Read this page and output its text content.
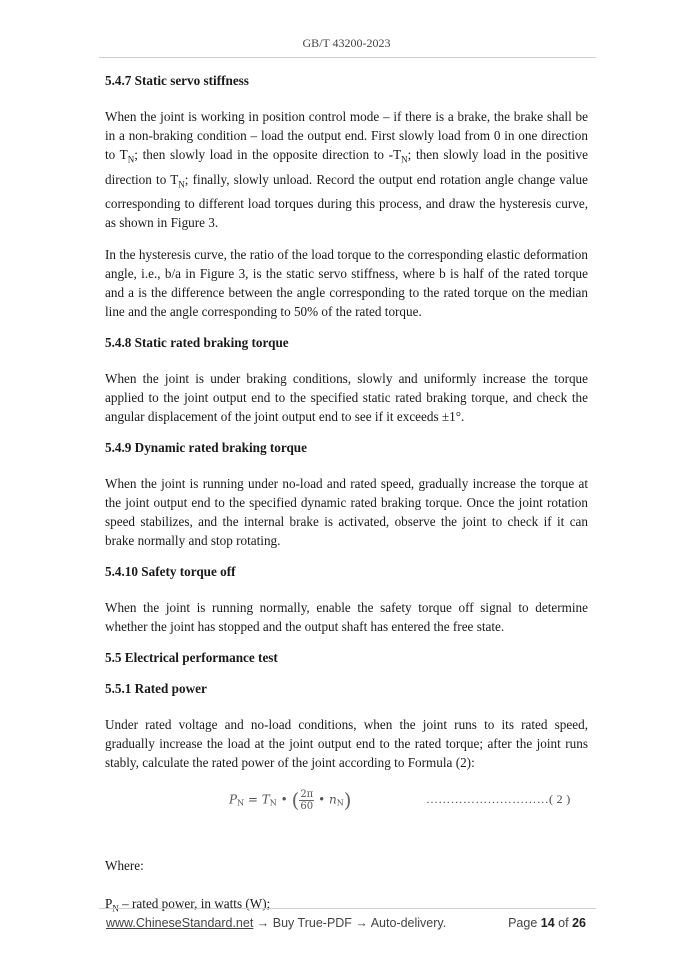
GB/T 43200-2023
5.4.7 Static servo stiffness

When the joint is working in position control mode – if there is a brake, the brake shall be in a non-braking condition – load the output end. First slowly load from 0 in one direction to $T_N$; then slowly load in the opposite direction to $-T_N$; then slowly load in the positive direction to $T_N$; finally, slowly unload. Record the output end rotation angle change value corresponding to different load torques during this process, and draw the hysteresis curve, as shown in Figure 3.

In the hysteresis curve, the ratio of the load torque to the corresponding elastic deformation angle, i.e., b/a in Figure 3, is the static servo stiffness, where b is half of the rated torque and a is the difference between the angle corresponding to the rated torque on the median line and the angle corresponding to 50% of the rated torque.

5.4.8 Static rated braking torque

When the joint is under braking conditions, slowly and uniformly increase the torque applied to the joint output end to the specified static rated braking torque, and check the angular displacement of the joint output end to see if it exceeds ±1°.

5.4.9 Dynamic rated braking torque

When the joint is running under no-load and rated speed, gradually increase the torque at the joint output end to the specified dynamic rated braking torque. Once the joint rotation speed stabilizes, and the internal brake is activated, observe the joint to check if it can brake normally and stop rotating.

5.4.10 Safety torque off

When the joint is running normally, enable the safety torque off signal to determine whether the joint has stopped and the output shaft has entered the free state.

5.5 Electrical performance test
5.5.1 Rated power

Under rated voltage and no-load conditions, when the joint runs to its rated speed, gradually increase the load at the joint output end to the rated torque; after the joint runs stably, calculate the rated power of the joint according to Formula (2):

$P_N = T_N$ • ( $\frac{2\pi}{60}$ • $n_N$)	…………………………( 2 )

Where:

$P_N$ – rated power, in watts (W);

www.ChineseStandard.net → Buy True-PDF → Auto-delivery.	Page 14 of 26
